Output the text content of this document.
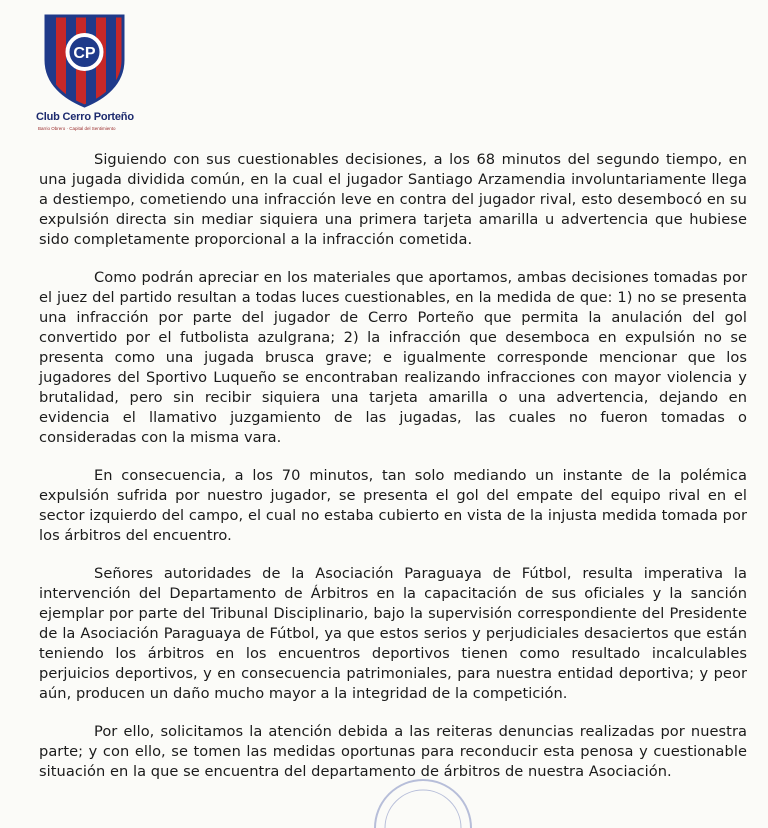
CP
Club Cerro Porteño
Barrio Obrero · Capital del Sentimiento

Siguiendo con sus cuestionables decisiones, a los 68 minutos del segundo tiempo, en una jugada dividida común, en la cual el jugador Santiago Arzamendia involuntariamente llega a destiempo, cometiendo una infracción leve en contra del jugador rival, esto desembocó en su expulsión directa sin mediar siquiera una primera tarjeta amarilla u advertencia que hubiese sido completamente proporcional a la infracción cometida.

Como podrán apreciar en los materiales que aportamos, ambas decisiones tomadas por el juez del partido resultan a todas luces cuestionables, en la medida de que: 1) no se presenta una infracción por parte del jugador de Cerro Porteño que permita la anulación del gol convertido por el futbolista azulgrana; 2) la infracción que desemboca en expulsión no se presenta como una jugada brusca grave; e igualmente corresponde mencionar que los jugadores del Sportivo Luqueño se encontraban realizando infracciones con mayor violencia y brutalidad, pero sin recibir siquiera una tarjeta amarilla o una advertencia, dejando en evidencia el llamativo juzgamiento de las jugadas, las cuales no fueron tomadas o consideradas con la misma vara.

En consecuencia, a los 70 minutos, tan solo mediando un instante de la polémica expulsión sufrida por nuestro jugador, se presenta el gol del empate del equipo rival en el sector izquierdo del campo, el cual no estaba cubierto en vista de la injusta medida tomada por los árbitros del encuentro.

Señores autoridades de la Asociación Paraguaya de Fútbol, resulta imperativa la intervención del Departamento de Árbitros en la capacitación de sus oficiales y la sanción ejemplar por parte del Tribunal Disciplinario, bajo la supervisión correspondiente del Presidente de la Asociación Paraguaya de Fútbol, ya que estos serios y perjudiciales desaciertos que están teniendo los árbitros en los encuentros deportivos tienen como resultado incalculables perjuicios deportivos, y en consecuencia patrimoniales, para nuestra entidad deportiva; y peor aún, producen un daño mucho mayor a la integridad de la competición.

Por ello, solicitamos la atención debida a las reiteras denuncias realizadas por nuestra parte; y con ello, se tomen las medidas oportunas para reconducir esta penosa y cuestionable situación en la que se encuentra del departamento de árbitros de nuestra Asociación.
